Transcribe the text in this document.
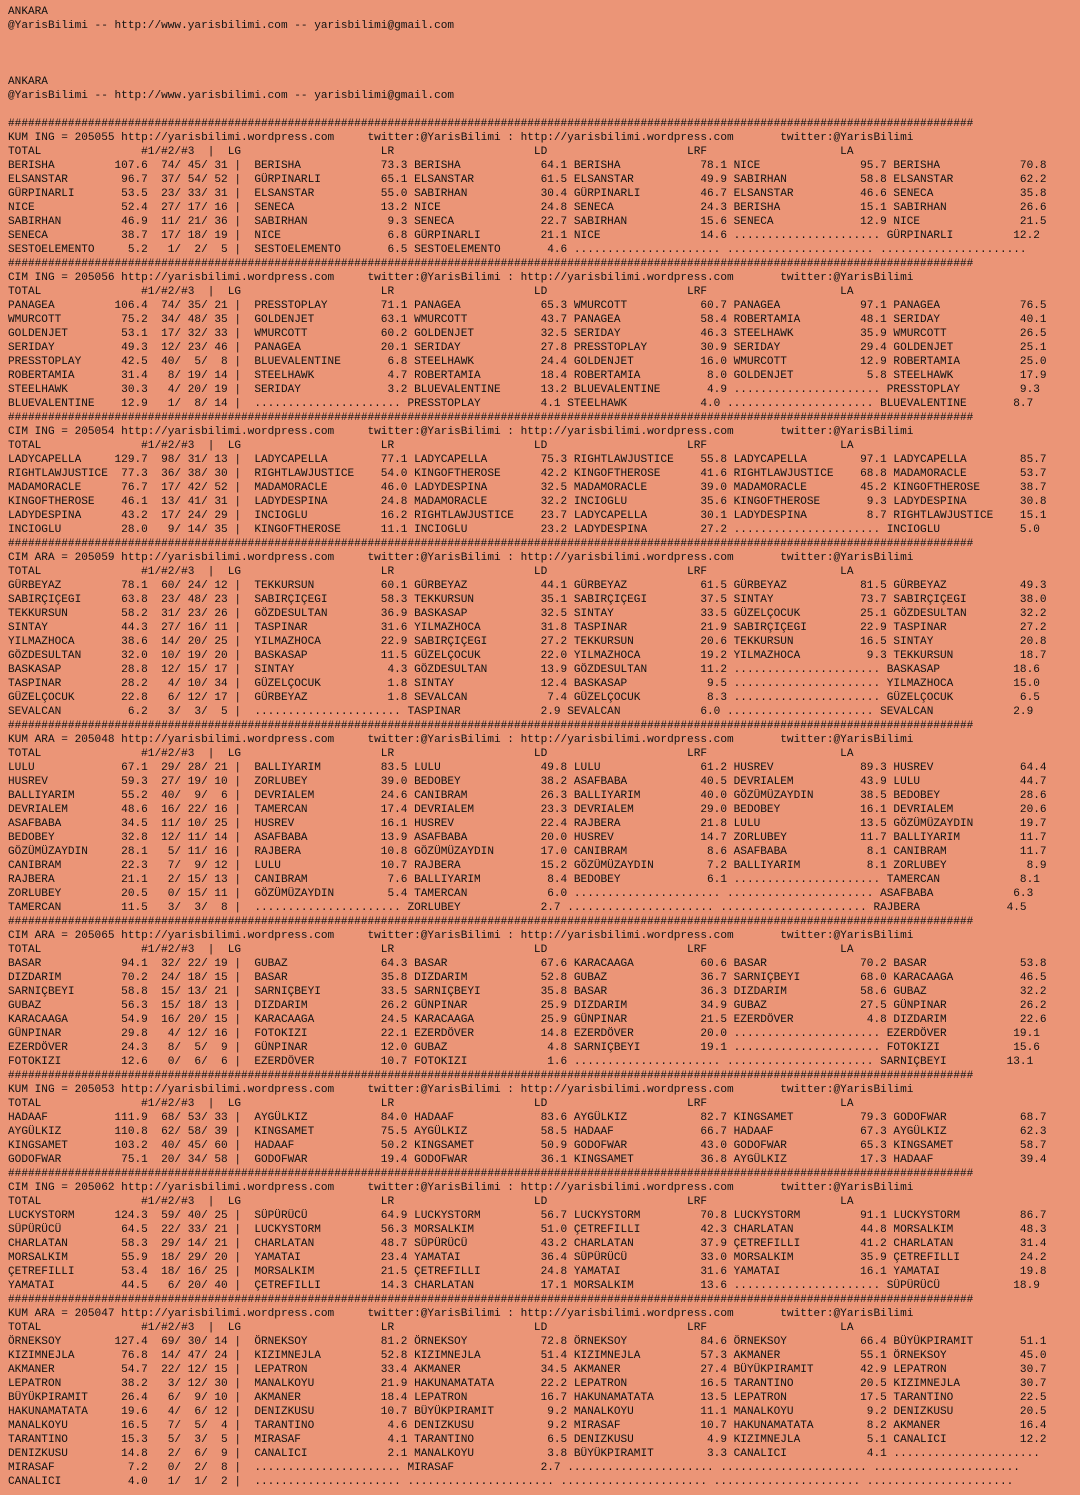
ANKARA
@YarisBilimi -- http://www.yarisbilimi.com -- yarisbilimi@gmail.com
ANKARA
@YarisBilimi -- http://www.yarisbilimi.com -- yarisbilimi@gmail.com
#################################################################################################################################################
KUM ING = 205055 http://yarisbilimi.wordpress.com     twitter:@YarisBilimi : http://yarisbilimi.wordpress.com       twitter:@YarisBilimi
TOTAL               #1/#2/#3  |  LG                     LR                     LD                     LRF                    LA
BERISHA         107.6  74/ 45/ 31 |  BERISHA            73.3 BERISHA            64.1 BERISHA            78.1 NICE               95.7 BERISHA            70.8
ELSANSTAR        96.7  37/ 54/ 52 |  GÜRPINARLI         65.1 ELSANSTAR          61.5 ELSANSTAR          49.9 SABIRHAN           58.8 ELSANSTAR          62.2
GÜRPINARLI       53.5  23/ 33/ 31 |  ELSANSTAR          55.0 SABIRHAN           30.4 GÜRPINARLI         46.7 ELSANSTAR          46.6 SENECA             35.8
NICE             52.4  27/ 17/ 16 |  SENECA             13.2 NICE               24.8 SENECA             24.3 BERISHA            15.1 SABIRHAN           26.6
SABIRHAN         46.9  11/ 21/ 36 |  SABIRHAN            9.3 SENECA             22.7 SABIRHAN           15.6 SENECA             12.9 NICE               21.5
SENECA           38.7  17/ 18/ 19 |  NICE                6.8 GÜRPINARLI         21.1 NICE               14.6 ...................... GÜRPINARLI         12.2
SESTOELEMENTO     5.2   1/  2/  5 |  SESTOELEMENTO       6.5 SESTOELEMENTO       4.6 ...................... ...................... ......................
#################################################################################################################################################
CIM ING = 205056 http://yarisbilimi.wordpress.com     twitter:@YarisBilimi : http://yarisbilimi.wordpress.com       twitter:@YarisBilimi
TOTAL               #1/#2/#3  |  LG                     LR                     LD                     LRF                    LA
PANAGEA         106.4  74/ 35/ 21 |  PRESSTOPLAY        71.1 PANAGEA            65.3 WMURCOTT           60.7 PANAGEA            97.1 PANAGEA            76.5
WMURCOTT         75.2  34/ 48/ 35 |  GOLDENJET          63.1 WMURCOTT           43.7 PANAGEA            58.4 ROBERTAMIA         48.1 SERIDAY            40.1
GOLDENJET        53.1  17/ 32/ 33 |  WMURCOTT           60.2 GOLDENJET          32.5 SERIDAY            46.3 STEELHAWK          35.9 WMURCOTT           26.5
SERIDAY          49.3  12/ 23/ 46 |  PANAGEA            20.1 SERIDAY            27.8 PRESSTOPLAY        30.9 SERIDAY            29.4 GOLDENJET          25.1
PRESSTOPLAY      42.5  40/  5/  8 |  BLUEVALENTINE       6.8 STEELHAWK          24.4 GOLDENJET          16.0 WMURCOTT           12.9 ROBERTAMIA         25.0
ROBERTAMIA       31.4   8/ 19/ 14 |  STEELHAWK           4.7 ROBERTAMIA         18.4 ROBERTAMIA          8.0 GOLDENJET           5.8 STEELHAWK          17.9
STEELHAWK        30.3   4/ 20/ 19 |  SERIDAY             3.2 BLUEVALENTINE      13.2 BLUEVALENTINE       4.9 ...................... PRESSTOPLAY         9.3
BLUEVALENTINE    12.9   1/  8/ 14 |  ...................... PRESSTOPLAY         4.1 STEELHAWK           4.0 ...................... BLUEVALENTINE       8.7
#################################################################################################################################################
CIM ING = 205054 http://yarisbilimi.wordpress.com     twitter:@YarisBilimi : http://yarisbilimi.wordpress.com       twitter:@YarisBilimi
TOTAL               #1/#2/#3  |  LG                     LR                     LD                     LRF                    LA
LADYCAPELLA     129.7  98/ 31/ 13 |  LADYCAPELLA        77.1 LADYCAPELLA        75.3 RIGHTLAWJUSTICE    55.8 LADYCAPELLA        97.1 LADYCAPELLA        85.7
RIGHTLAWJUSTICE  77.3  36/ 38/ 30 |  RIGHTLAWJUSTICE    54.0 KINGOFTHEROSE      42.2 KINGOFTHEROSE      41.6 RIGHTLAWJUSTICE    68.8 MADAMORACLE        53.7
MADAMORACLE      76.7  17/ 42/ 52 |  MADAMORACLE        46.0 LADYDESPINA        32.5 MADAMORACLE        39.0 MADAMORACLE        45.2 KINGOFTHEROSE      38.7
KINGOFTHEROSE    46.1  13/ 41/ 31 |  LADYDESPINA        24.8 MADAMORACLE        32.2 INCIOGLU           35.6 KINGOFTHEROSE       9.3 LADYDESPINA        30.8
LADYDESPINA      43.2  17/ 24/ 29 |  INCIOGLU           16.2 RIGHTLAWJUSTICE    23.7 LADYCAPELLA        30.1 LADYDESPINA         8.7 RIGHTLAWJUSTICE    15.1
INCIOGLU         28.0   9/ 14/ 35 |  KINGOFTHEROSE      11.1 INCIOGLU           23.2 LADYDESPINA        27.2 ...................... INCIOGLU            5.0
#################################################################################################################################################
CIM ARA = 205059 http://yarisbilimi.wordpress.com     twitter:@YarisBilimi : http://yarisbilimi.wordpress.com       twitter:@YarisBilimi
TOTAL               #1/#2/#3  |  LG                     LR                     LD                     LRF                    LA
GÜRBEYAZ         78.1  60/ 24/ 12 |  TEKKURSUN          60.1 GÜRBEYAZ           44.1 GÜRBEYAZ           61.5 GÜRBEYAZ           81.5 GÜRBEYAZ           49.3
SABIRÇIÇEGI      63.8  23/ 48/ 23 |  SABIRÇIÇEGI        58.3 TEKKURSUN          35.1 SABIRÇIÇEGI        37.5 SINTAY             73.7 SABIRÇIÇEGI        38.0
TEKKURSUN        58.2  31/ 23/ 26 |  GÖZDESULTAN        36.9 BASKASAP           32.5 SINTAY             33.5 GÜZELÇOCUK         25.1 GÖZDESULTAN        32.2
SINTAY           44.3  27/ 16/ 11 |  TASPINAR           31.6 YILMAZHOCA         31.8 TASPINAR           21.9 SABIRÇIÇEGI        22.9 TASPINAR           27.2
YILMAZHOCA       38.6  14/ 20/ 25 |  YILMAZHOCA         22.9 SABIRÇIÇEGI        27.2 TEKKURSUN          20.6 TEKKURSUN          16.5 SINTAY             20.8
GÖZDESULTAN      32.0  10/ 19/ 20 |  BASKASAP           11.5 GÜZELÇOCUK         22.0 YILMAZHOCA         19.2 YILMAZHOCA          9.3 TEKKURSUN          18.7
BASKASAP         28.8  12/ 15/ 17 |  SINTAY              4.3 GÖZDESULTAN        13.9 GÖZDESULTAN        11.2 ...................... BASKASAP           18.6
TASPINAR         28.2   4/ 10/ 34 |  GÜZELÇOCUK          1.8 SINTAY             12.4 BASKASAP            9.5 ...................... YILMAZHOCA         15.0
GÜZELÇOCUK       22.8   6/ 12/ 17 |  GÜRBEYAZ            1.8 SEVALCAN            7.4 GÜZELÇOCUK          8.3 ...................... GÜZELÇOCUK          6.5
SEVALCAN          6.2   3/  3/  5 |  ...................... TASPINAR            2.9 SEVALCAN            6.0 ...................... SEVALCAN            2.9
#################################################################################################################################################
KUM ARA = 205048 http://yarisbilimi.wordpress.com     twitter:@YarisBilimi : http://yarisbilimi.wordpress.com       twitter:@YarisBilimi
TOTAL               #1/#2/#3  |  LG                     LR                     LD                     LRF                    LA
LULU             67.1  29/ 28/ 21 |  BALLIYARIM         83.5 LULU               49.8 LULU               61.2 HUSREV             89.3 HUSREV             64.4
HUSREV           59.3  27/ 19/ 10 |  ZORLUBEY           39.0 BEDOBEY            38.2 ASAFBABA           40.5 DEVRIALEM          43.9 LULU               44.7
BALLIYARIM       55.2  40/  9/  6 |  DEVRIALEM          24.6 CANIBRAM           26.3 BALLIYARIM         40.0 GÖZÜMÜZAYDIN       38.5 BEDOBEY            28.6
DEVRIALEM        48.6  16/ 22/ 16 |  TAMERCAN           17.4 DEVRIALEM          23.3 DEVRIALEM          29.0 BEDOBEY            16.1 DEVRIALEM          20.6
ASAFBABA         34.5  11/ 10/ 25 |  HUSREV             16.1 HUSREV             22.4 RAJBERA            21.8 LULU               13.5 GÖZÜMÜZAYDIN       19.7
BEDOBEY          32.8  12/ 11/ 14 |  ASAFBABA           13.9 ASAFBABA           20.0 HUSREV             14.7 ZORLUBEY           11.7 BALLIYARIM         11.7
GÖZÜMÜZAYDIN     28.1   5/ 11/ 16 |  RAJBERA            10.8 GÖZÜMÜZAYDIN       17.0 CANIBRAM            8.6 ASAFBABA            8.1 CANIBRAM           11.7
CANIBRAM         22.3   7/  9/ 12 |  LULU               10.7 RAJBERA            15.2 GÖZÜMÜZAYDIN        7.2 BALLIYARIM          8.1 ZORLUBEY            8.9
RAJBERA          21.1   2/ 15/ 13 |  CANIBRAM            7.6 BALLIYARIM          8.4 BEDOBEY             6.1 ...................... TAMERCAN            8.1
ZORLUBEY         20.5   0/ 15/ 11 |  GÖZÜMÜZAYDIN        5.4 TAMERCAN            6.0 ...................... ...................... ASAFBABA            6.3
TAMERCAN         11.5   3/  3/  8 |  ...................... ZORLUBEY            2.7 ...................... ...................... RAJBERA             4.5
#################################################################################################################################################
CIM ARA = 205065 http://yarisbilimi.wordpress.com     twitter:@YarisBilimi : http://yarisbilimi.wordpress.com       twitter:@YarisBilimi
TOTAL               #1/#2/#3  |  LG                     LR                     LD                     LRF                    LA
BASAR            94.1  32/ 22/ 19 |  GUBAZ              64.3 BASAR              67.6 KARACAAGA          60.6 BASAR              70.2 BASAR              53.8
DIZDARIM         70.2  24/ 18/ 15 |  BASAR              35.8 DIZDARIM           52.8 GUBAZ              36.7 SARNIÇBEYI         68.0 KARACAAGA          46.5
SARNIÇBEYI       58.8  15/ 13/ 21 |  SARNIÇBEYI         33.5 SARNIÇBEYI         35.8 BASAR              36.3 DIZDARIM           58.6 GUBAZ              32.2
GUBAZ            56.3  15/ 18/ 13 |  DIZDARIM           26.2 GÜNPINAR           25.9 DIZDARIM           34.9 GUBAZ              27.5 GÜNPINAR           26.2
KARACAAGA        54.9  16/ 20/ 15 |  KARACAAGA          24.5 KARACAAGA          25.9 GÜNPINAR           21.5 EZERDÖVER           4.8 DIZDARIM           22.6
GÜNPINAR         29.8   4/ 12/ 16 |  FOTOKIZI           22.1 EZERDÖVER          14.8 EZERDÖVER          20.0 ...................... EZERDÖVER          19.1
EZERDÖVER        24.3   8/  5/  9 |  GÜNPINAR           12.0 GUBAZ               4.8 SARNIÇBEYI         19.1 ...................... FOTOKIZI           15.6
FOTOKIZI         12.6   0/  6/  6 |  EZERDÖVER          10.7 FOTOKIZI            1.6 ...................... ...................... SARNIÇBEYI         13.1
#################################################################################################################################################
KUM ING = 205053 http://yarisbilimi.wordpress.com     twitter:@YarisBilimi : http://yarisbilimi.wordpress.com       twitter:@YarisBilimi
TOTAL               #1/#2/#3  |  LG                     LR                     LD                     LRF                    LA
HADAAF          111.9  68/ 53/ 33 |  AYGÜLKIZ           84.0 HADAAF             83.6 AYGÜLKIZ           82.7 KINGSAMET          79.3 GODOFWAR           68.7
AYGÜLKIZ        110.8  62/ 58/ 39 |  KINGSAMET          75.5 AYGÜLKIZ           58.5 HADAAF             66.7 HADAAF             67.3 AYGÜLKIZ           62.3
KINGSAMET       103.2  40/ 45/ 60 |  HADAAF             50.2 KINGSAMET          50.9 GODOFWAR           43.0 GODOFWAR           65.3 KINGSAMET          58.7
GODOFWAR         75.1  20/ 34/ 58 |  GODOFWAR           19.4 GODOFWAR           36.1 KINGSAMET          36.8 AYGÜLKIZ           17.3 HADAAF             39.4
#################################################################################################################################################
CIM ING = 205062 http://yarisbilimi.wordpress.com     twitter:@YarisBilimi : http://yarisbilimi.wordpress.com       twitter:@YarisBilimi
TOTAL               #1/#2/#3  |  LG                     LR                     LD                     LRF                    LA
LUCKYSTORM      124.3  59/ 40/ 25 |  SÜPÜRÜCÜ           64.9 LUCKYSTORM         56.7 LUCKYSTORM         70.8 LUCKYSTORM         91.1 LUCKYSTORM         86.7
SÜPÜRÜCÜ         64.5  22/ 33/ 21 |  LUCKYSTORM         56.3 MORSALKIM          51.0 ÇETREFILLI         42.3 CHARLATAN          44.8 MORSALKIM          48.3
CHARLATAN        58.3  29/ 14/ 21 |  CHARLATAN          48.7 SÜPÜRÜCÜ           43.2 CHARLATAN          37.9 ÇETREFILLI         41.2 CHARLATAN          31.4
MORSALKIM        55.9  18/ 29/ 20 |  YAMATAI            23.4 YAMATAI            36.4 SÜPÜRÜCÜ           33.0 MORSALKIM          35.9 ÇETREFILLI         24.2
ÇETREFILLI       53.4  18/ 16/ 25 |  MORSALKIM          21.5 ÇETREFILLI         24.8 YAMATAI            31.6 YAMATAI            16.1 YAMATAI            19.8
YAMATAI          44.5   6/ 20/ 40 |  ÇETREFILLI         14.3 CHARLATAN          17.1 MORSALKIM          13.6 ...................... SÜPÜRÜCÜ           18.9
#################################################################################################################################################
KUM ARA = 205047 http://yarisbilimi.wordpress.com     twitter:@YarisBilimi : http://yarisbilimi.wordpress.com       twitter:@YarisBilimi
TOTAL               #1/#2/#3  |  LG                     LR                     LD                     LRF                    LA
ÖRNEKSOY        127.4  69/ 30/ 14 |  ÖRNEKSOY           81.2 ÖRNEKSOY           72.8 ÖRNEKSOY           84.6 ÖRNEKSOY           66.4 BÜYÜKPIRAMIT       51.1
KIZIMNEJLA       76.8  14/ 47/ 24 |  KIZIMNEJLA         52.8 KIZIMNEJLA         51.4 KIZIMNEJLA         57.3 AKMANER            55.1 ÖRNEKSOY           45.0
AKMANER          54.7  22/ 12/ 15 |  LEPATRON           33.4 AKMANER            34.5 AKMANER            27.4 BÜYÜKPIRAMIT       42.9 LEPATRON           30.7
LEPATRON         38.2   3/ 12/ 30 |  MANALKOYU          21.9 HAKUNAMATATA       22.2 LEPATRON           16.5 TARANTINO          20.5 KIZIMNEJLA         30.7
BÜYÜKPIRAMIT     26.4   6/  9/ 10 |  AKMANER            18.4 LEPATRON           16.7 HAKUNAMATATA       13.5 LEPATRON           17.5 TARANTINO          22.5
HAKUNAMATATA     19.6   4/  6/ 12 |  DENIZKUSU          10.7 BÜYÜKPIRAMIT        9.2 MANALKOYU          11.1 MANALKOYU           9.2 DENIZKUSU          20.5
MANALKOYU        16.5   7/  5/  4 |  TARANTINO           4.6 DENIZKUSU           9.2 MIRASAF            10.7 HAKUNAMATATA        8.2 AKMANER            16.4
TARANTINO        15.3   5/  3/  5 |  MIRASAF             4.1 TARANTINO           6.5 DENIZKUSU           4.9 KIZIMNEJLA          5.1 CANALICI           12.2
DENIZKUSU        14.8   2/  6/  9 |  CANALICI            2.1 MANALKOYU           3.8 BÜYÜKPIRAMIT        3.3 CANALICI            4.1 ......................
MIRASAF           7.2   0/  2/  8 |  ...................... MIRASAF             2.7 ...................... ...................... ......................
CANALICI          4.0   1/  1/  2 |  ...................... ...................... ...................... ...................... ......................
